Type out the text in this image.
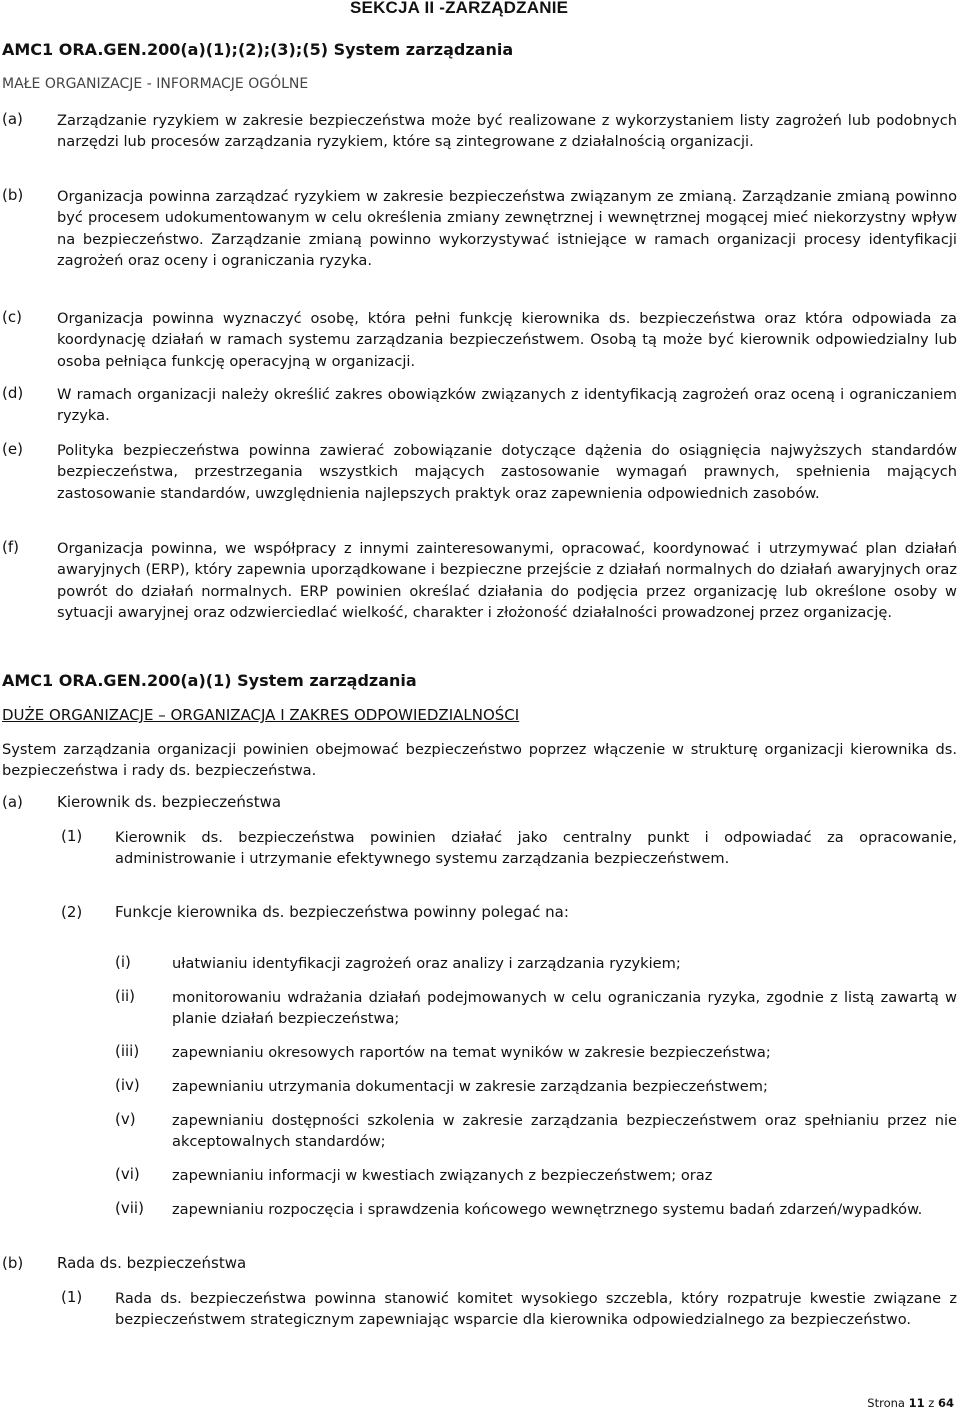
SEKCJA II -ZARZĄDZANIE
AMC1 ORA.GEN.200(a)(1);(2);(3);(5) System zarządzania
MAŁE ORGANIZACJE - INFORMACJE OGÓLNE
(a) Zarządzanie ryzykiem w zakresie bezpieczeństwa może być realizowane z wykorzystaniem listy zagrożeń lub podobnych narzędzi lub procesów zarządzania ryzykiem, które są zintegrowane z działalnością organizacji.

(b) Organizacja powinna zarządzać ryzykiem w zakresie bezpieczeństwa związanym ze zmianą. Zarządzanie zmianą powinno być procesem udokumentowanym w celu określenia zmiany zewnętrznej i wewnętrznej mogącej mieć niekorzystny wpływ na bezpieczeństwo. Zarządzanie zmianą powinno wykorzystywać istniejące w ramach organizacji procesy identyfikacji zagrożeń oraz oceny i ograniczania ryzyka.

(c) Organizacja powinna wyznaczyć osobę, która pełni funkcję kierownika ds. bezpieczeństwa oraz która odpowiada za koordynację działań w ramach systemu zarządzania bezpieczeństwem. Osobą tą może być kierownik odpowiedzialny lub osoba pełniąca funkcję operacyjną w organizacji.

(d) W ramach organizacji należy określić zakres obowiązków związanych z identyfikacją zagrożeń oraz oceną i ograniczaniem ryzyka.

(e) Polityka bezpieczeństwa powinna zawierać zobowiązanie dotyczące dążenia do osiągnięcia najwyższych standardów bezpieczeństwa, przestrzegania wszystkich mających zastosowanie wymagań prawnych, spełnienia mających zastosowanie standardów, uwzględnienia najlepszych praktyk oraz zapewnienia odpowiednich zasobów.

(f)	Organizacja powinna, we współpracy z innymi zainteresowanymi, opracować, koordynować i utrzymywać plan działań awaryjnych (ERP), który zapewnia uporządkowane i bezpieczne przejście z działań normalnych do działań awaryjnych oraz powrót do działań normalnych. ERP powinien określać działania do podjęcia przez organizację lub określone osoby w sytuacji awaryjnej oraz odzwierciedlać wielkość, charakter i złożoność działalności prowadzonej przez organizację.

AMC1 ORA.GEN.200(a)(1) System zarządzania
DUŻE ORGANIZACJE – ORGANIZACJA I ZAKRES ODPOWIEDZIALNOŚCI

System zarządzania organizacji powinien obejmować bezpieczeństwo poprzez włączenie w strukturę organizacji kierownika ds. bezpieczeństwa i rady ds. bezpieczeństwa.

(a) Kierownik ds. bezpieczeństwa
(1) Kierownik ds. bezpieczeństwa powinien działać jako centralny punkt i odpowiadać za opracowanie, administrowanie i utrzymanie efektywnego systemu zarządzania bezpieczeństwem.

(2) Funkcje kierownika ds. bezpieczeństwa powinny polegać na:
(i)	ułatwianiu identyfikacji zagrożeń oraz analizy i zarządzania ryzykiem;

(ii)	monitorowaniu wdrażania działań podejmowanych w celu ograniczania ryzyka, zgodnie z listą zawartą w planie działań bezpieczeństwa;

(iii) zapewnianiu okresowych raportów na temat wyników w zakresie bezpieczeństwa;

(iv) zapewnianiu utrzymania dokumentacji w zakresie zarządzania bezpieczeństwem;

(v) zapewnianiu dostępności szkolenia w zakresie zarządzania bezpieczeństwem oraz spełnianiu przez nie akceptowalnych standardów;

(vi) zapewnianiu informacji w kwestiach związanych z bezpieczeństwem; oraz

(vii) zapewnianiu rozpoczęcia i sprawdzenia końcowego wewnętrznego systemu badań zdarzeń/wypadków.

(b) Rada ds. bezpieczeństwa
(1) Rada ds. bezpieczeństwa powinna stanowić komitet wysokiego szczebla, który rozpatruje kwestie związane z bezpieczeństwem strategicznym zapewniając wsparcie dla kierownika odpowiedzialnego za bezpieczeństwo.

Strona 11 z 64
